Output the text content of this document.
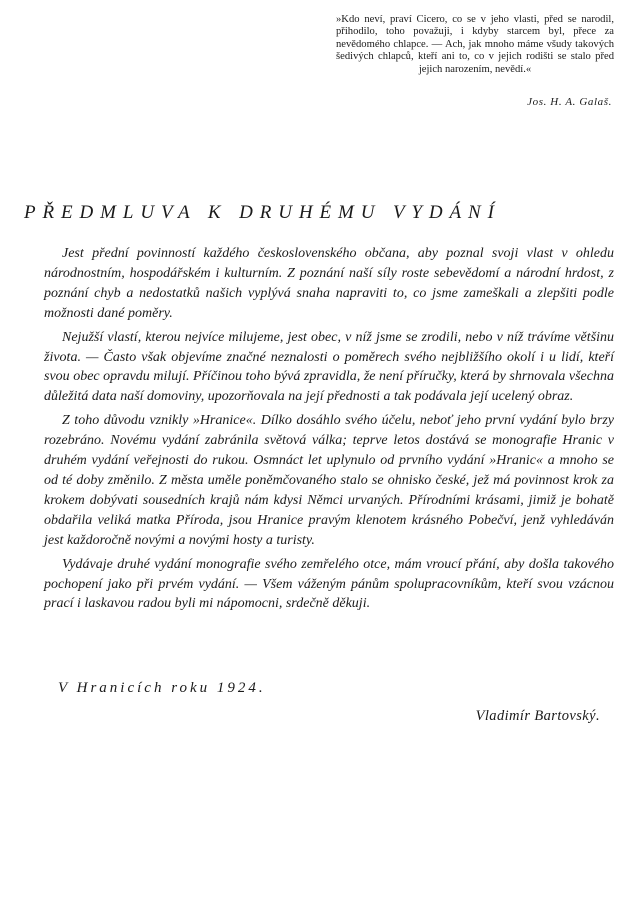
»Kdo neví, praví Cicero, co se v jeho vlasti, před se narodil, přihodilo, toho považuji, i kdyby starcem byl, přece za nevědomého chlapce. — Ach, jak mnoho máme všudy takových šedivých chlapců, kteří ani to, co v jejich rodišti se stalo před jejich narozením, nevědí.«

Jos. H. A. Galaš.
PŘEDMLUVA K DRUHÉMU VYDÁNÍ

Jest přední povinností každého československého občana, aby poznal svoji vlast v ohledu národnostním, hospodářském i kulturním. Z poznání naší síly roste sebevědomí a národní hrdost, z poznání chyb a nedostatků našich vyplývá snaha napraviti to, co jsme zameškali a zlepšiti podle možnosti dané poměry.

Nejužší vlastí, kterou nejvíce milujeme, jest obec, v níž jsme se zrodili, nebo v níž trávíme většinu života. — Často však objevíme značné neznalosti o poměrech svého nejbližšího okolí i u lidí, kteří svou obec opravdu milují. Příčinou toho bývá zpravidla, že není příručky, která by shrnovala všechna důležitá data naší domoviny, upozorňovala na její přednosti a tak podávala její ucelený obraz.

Z toho důvodu vznikly »Hranice«. Dílko dosáhlo svého účelu, neboť jeho první vydání bylo brzy rozebráno. Novému vydání zabránila světová válka; teprve letos dostává se monografie Hranic v druhém vydání veřejnosti do rukou. Osmnáct let uplynulo od prvního vydání »Hranic« a mnoho se od té doby změnilo. Z města uměle poněmčovaného stalo se ohnisko české, jež má povinnost krok za krokem dobývati sousedních krajů nám kdysi Němci urvaných. Přírodními krásami, jimiž je bohatě obdařila veliká matka Příroda, jsou Hranice pravým klenotem krásného Pobečví, jenž vyhledáván jest každoročně novými a novými hosty a turisty.

Vydávaje druhé vydání monografie svého zemřelého otce, mám vroucí přání, aby došla takového pochopení jako při prvém vydání. — Všem váženým pánům spolupracovníkům, kteří svou vzácnou prací i laskavou radou byli mi nápomocni, srdečně děkuji.

V Hranicích roku 1924.
Vladimír Bartovský.
